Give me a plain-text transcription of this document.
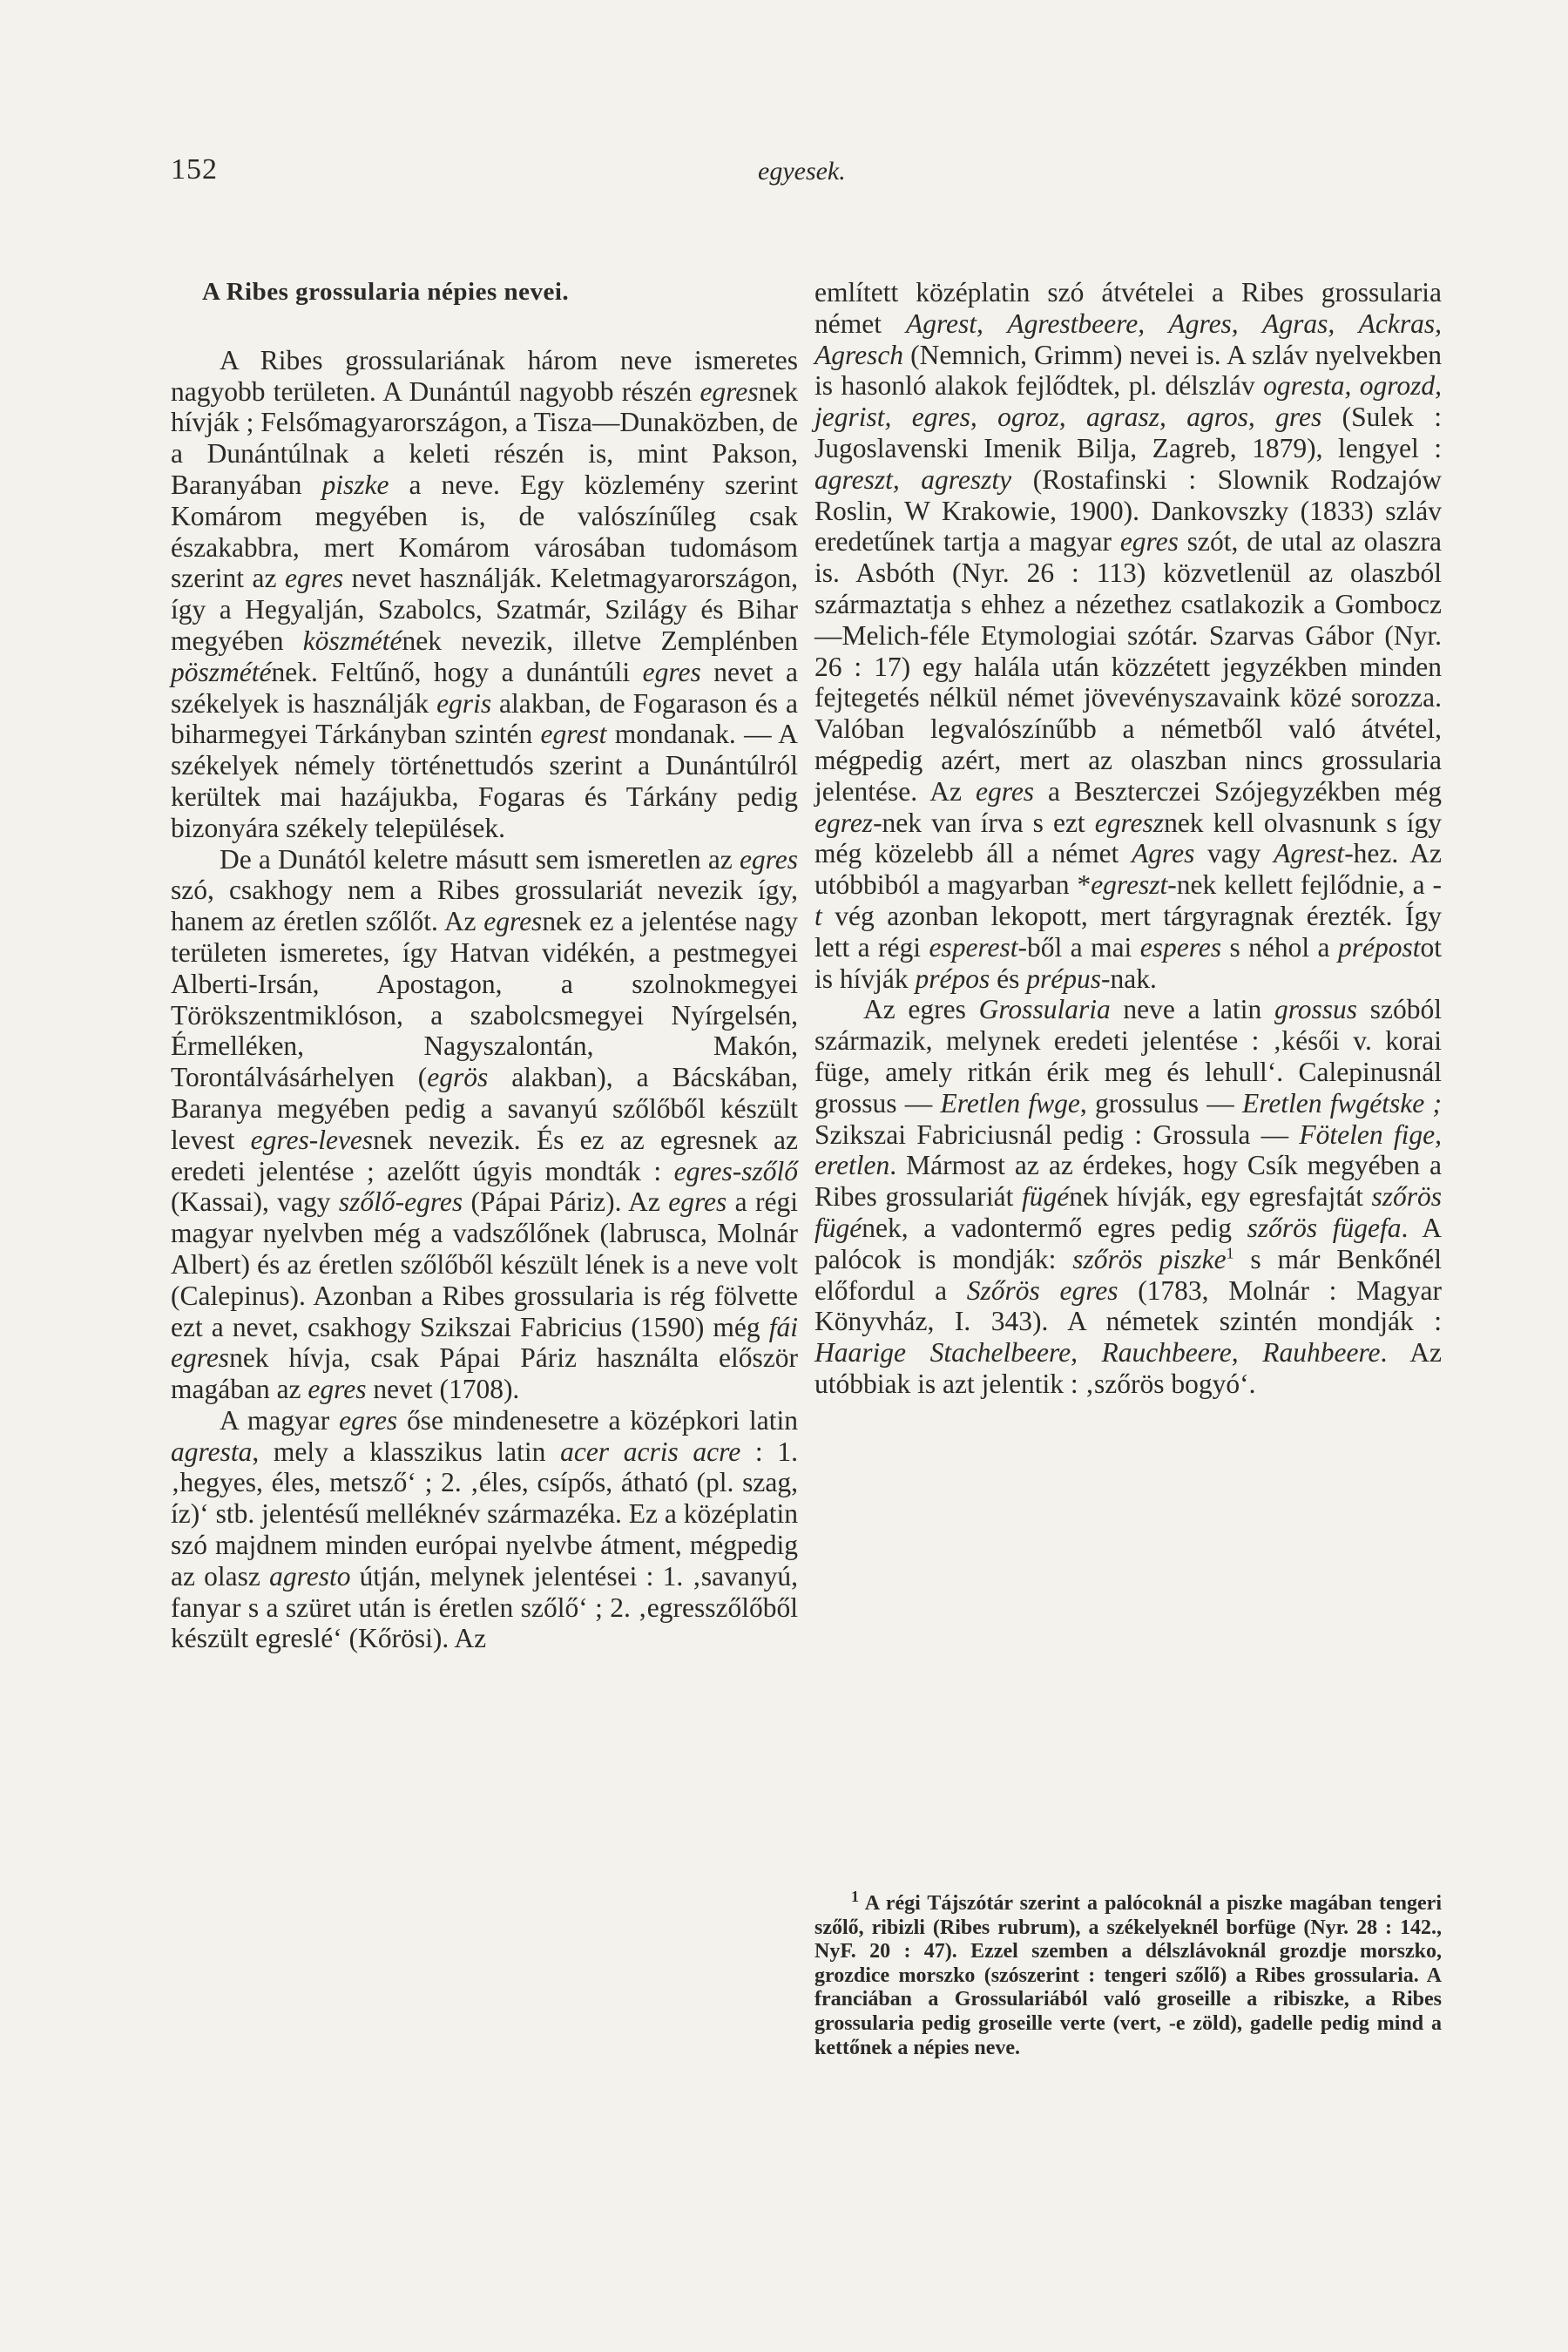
152	egyesek.
A Ribes grossularia népies nevei.

A Ribes grossulariának három neve ismeretes nagyobb területen. A Dunántúl nagyobb részén egresnek hívják ; Felsőmagyarországon, a Tisza—Dunaközben, de a Dunántúlnak a keleti részén is, mint Pakson, Baranyában piszke a neve. Egy közlemény szerint Komárom megyében is, de valószínűleg csak északabbra, mert Komárom városában tudomásom szerint az egres nevet használják. Keletmagyarországon, így a Hegyalján, Szabolcs, Szatmár, Szilágy és Bihar megyében köszmétének nevezik, illetve Zemplénben pöszmétének. Feltűnő, hogy a dunántúli egres nevet a székelyek is használják egris alakban, de Fogarason és a biharmegyei Tárkányban szintén egrest mondanak. — A székelyek némely történettudós szerint a Dunántúlról kerültek mai hazájukba, Fogaras és Tárkány pedig bizonyára székely települések.

De a Dunától keletre másutt sem ismeretlen az egres szó, csakhogy nem a Ribes grossulariát nevezik így, hanem az éretlen szőlőt. Az egresnek ez a jelentése nagy területen ismeretes, így Hatvan vidékén, a pestmegyei Alberti-Irsán, Apostagon, a szolnokmegyei Törökszentmiklóson, a szabolcsmegyei Nyírgelsén, Érmelléken, Nagyszalontán, Makón, Torontálvásárhelyen (egrös alakban), a Bácskában, Baranya megyében pedig a savanyú szőlőből készült levest egres-levesnek nevezik. És ez az egresnek az eredeti jelentése ; azelőtt úgyis mondták : egres-szőlő (Kassai), vagy szőlő-egres (Pápai Páriz). Az egres a régi magyar nyelvben még a vadszőlőnek (labrusca, Molnár Albert) és az éretlen szőlőből készült lének is a neve volt (Calepinus). Azonban a Ribes grossularia is rég fölvette ezt a nevet, csakhogy Szikszai Fabricius (1590) még fái egresnek hívja, csak Pápai Páriz használta először magában az egres nevet (1708).

A magyar egres őse mindenesetre a középkori latin agresta, mely a klasszikus latin acer acris acre : 1. ‚hegyes, éles, metsző‘ ; 2. ‚éles, csípős, átható (pl. szag, íz)‘ stb. jelentésű melléknév származéka. Ez a középlatin szó majdnem minden európai nyelvbe átment, mégpedig az olasz agresto útján, melynek jelentései : 1. ‚savanyú, fanyar s a szüret után is éretlen szőlő‘ ; 2. ‚egresszőlőből készült egreslé‘ (Kőrösi). Az

említett középlatin szó átvételei a Ribes grossularia német Agrest, Agrestbeere, Agres, Agras, Ackras, Agresch (Nemnich, Grimm) nevei is. A szláv nyelvekben is hasonló alakok fejlődtek, pl. délszláv ogresta, ogrozd, jegrist, egres, ogroz, agrasz, agros, gres (Sulek : Jugoslavenski Imenik Bilja, Zagreb, 1879), lengyel : agreszt, agresztу (Rostafinski : Slownik Rodzajów Roslin, W Krakowie, 1900). Dankovszky (1833) szláv eredetűnek tartja a magyar egres szót, de utal az olaszra is. Asbóth (Nyr. 26 : 113) közvetlenül az olaszból származtatja s ehhez a nézethez csatlakozik a Gombocz—Melich-féle Etymologiai szótár. Szarvas Gábor (Nyr. 26 : 17) egy halála után közzétett jegyzékben minden fejtegetés nélkül német jövevényszavaink közé sorozza. Valóban legvalószínűbb a németből való átvétel, mégpedig azért, mert az olaszban nincs grossularia jelentése. Az egres a Beszterczei Szójegyzékben még egrez-nek van írva s ezt egresznek kell olvasnunk s így még közelebb áll a német Agres vagy Agrest-hez. Az utóbbiból a magyarban *egreszt-nek kellett fejlődnie, a -t vég azonban lekopott, mert tárgyragnak érezték. Így lett a régi esperest-ből a mai esperes s néhol a prépostot is hívják prépos és prépus-nak.

Az egres Grossularia neve a latin grossus szóból származik, melynek eredeti jelentése : ‚késői v. korai füge, amely ritkán érik meg és lehull‘. Calepinusnál grossus — Eretlen fwge, grossulus — Eretlen fwgétske ; Szikszai Fabriciusnál pedig : Grossula — Fötelen fige, eretlen. Mármost az az érdekes, hogy Csík megyében a Ribes grossulariát fügének hívják, egy egresfajtát szőrös fügének, a vadontermő egres pedig szőrös fügefa. A palócok is mondják: szőrös piszke$^1$ s már Benkőnél előfordul a Szőrös egres (1783, Molnár : Magyar Könyvház, I. 343). A németek szintén mondják : Haarige Stachelbeere, Rauchbeere, Rauhbeere. Az utóbbiak is azt jelentik : ‚szőrös bogyó‘.

$^1$ A régi Tájszótár szerint a palócoknál a piszke magában tengeri szőlő, ribizli (Ribes rubrum), a székelyeknél borfüge (Nyr. 28 : 142., NyF. 20 : 47). Ezzel szemben a délszlávoknál grozdje morszko, grozdice morszko (szószerint : tengeri szőlő) a Ribes grossularia. A franciában a Grossulariából való groseille a ribiszke, a Ribes grossularia pedig groseille verte (vert, -e zöld), gadelle pedig mind a kettőnek a népies neve.
